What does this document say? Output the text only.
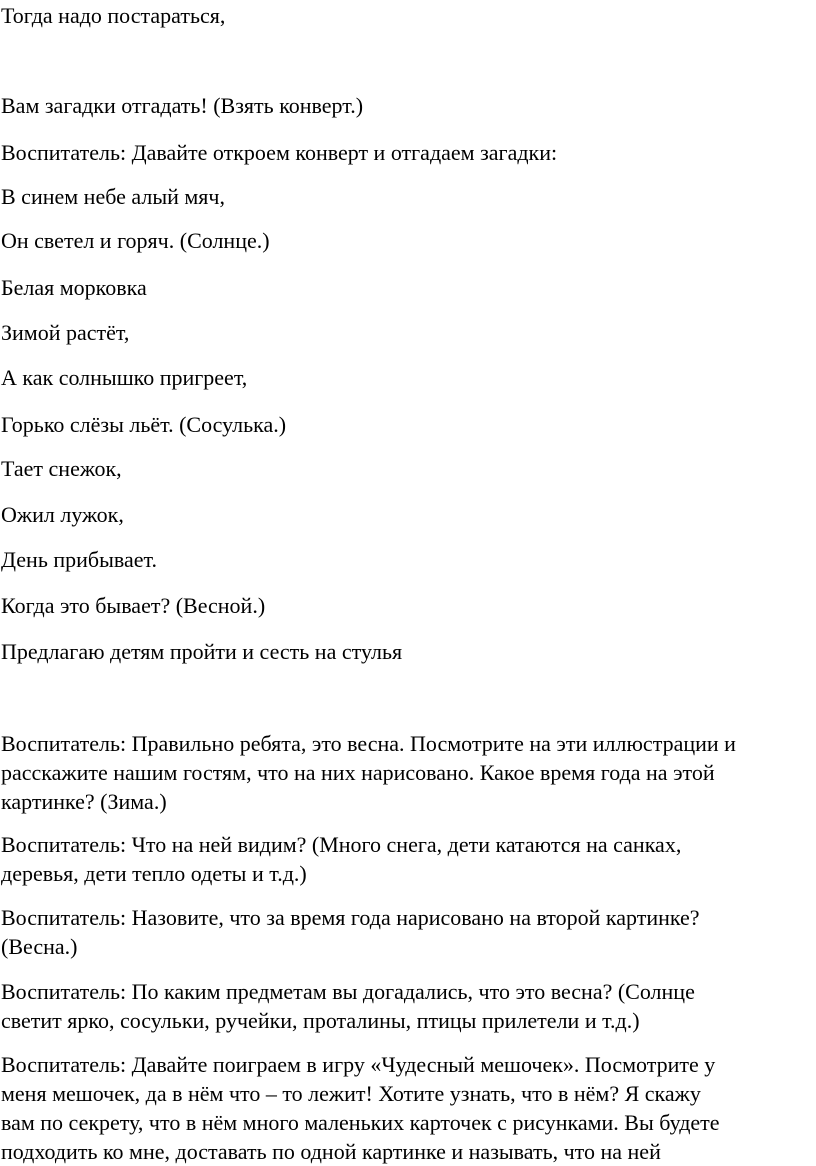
Тогда надо постараться,
Вам загадки отгадать! (Взять конверт.)
Воспитатель: Давайте откроем конверт и отгадаем загадки:
В синем небе алый мяч,
Он светел и горяч. (Солнце.)
Белая морковка
Зимой растёт,
А как солнышко пригреет,
Горько слёзы льёт. (Сосулька.)
Тает снежок,
Ожил лужок,
День прибывает.
Когда это бывает? (Весной.)
Предлагаю детям пройти и сесть на стулья
Воспитатель: Правильно ребята, это весна. Посмотрите на эти иллюстрации и
расскажите нашим гостям, что на них нарисовано. Какое время года на этой
картинке? (Зима.)
Воспитатель: Что на ней видим? (Много снега, дети катаются на санках,
деревья, дети тепло одеты и т.д.)
Воспитатель: Назовите, что за время года нарисовано на второй картинке?
(Весна.)
Воспитатель: По каким предметам вы догадались, что это весна? (Солнце
светит ярко, сосульки, ручейки, проталины, птицы прилетели и т.д.)
Воспитатель: Давайте поиграем в игру «Чудесный мешочек». Посмотрите у
меня мешочек, да в нём что – то лежит! Хотите узнать, что в нём? Я скажу
вам по секрету, что в нём много маленьких карточек с рисунками. Вы будете
подходить ко мне, доставать по одной картинке и называть, что на ней
